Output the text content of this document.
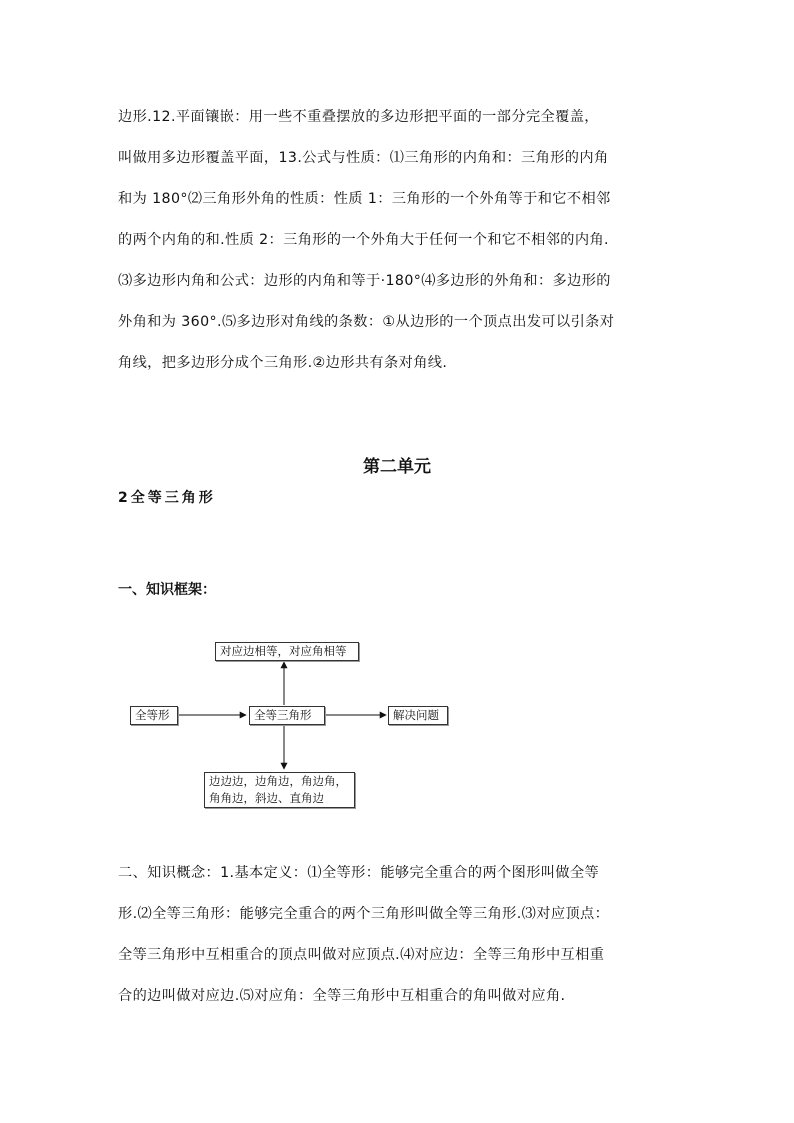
边形.12.平面镶嵌：用一些不重叠摆放的多边形把平面的一部分完全覆盖，
叫做用多边形覆盖平面，13.公式与性质：⑴三角形的内角和：三角形的内角
和为 180°⑵三角形外角的性质：性质 1：三角形的一个外角等于和它不相邻
的两个内角的和.性质 2：三角形的一个外角大于任何一个和它不相邻的内角.
⑶多边形内角和公式：边形的内角和等于·180°⑷多边形的外角和：多边形的
外角和为 360°.⑸多边形对角线的条数：①从边形的一个顶点出发可以引条对
角线，把多边形分成个三角形.②边形共有条对角线.
第二单元
2全等三角形
一、知识框架：
对应边相等，对应角相等
全等形	全等三角形	解决问题
边边边，边角边，角边角，
角角边，斜边、直角边
二、知识概念：1.基本定义：⑴全等形：能够完全重合的两个图形叫做全等
形.⑵全等三角形：能够完全重合的两个三角形叫做全等三角形.⑶对应顶点：
全等三角形中互相重合的顶点叫做对应顶点.⑷对应边：全等三角形中互相重
合的边叫做对应边.⑸对应角：全等三角形中互相重合的角叫做对应角.
